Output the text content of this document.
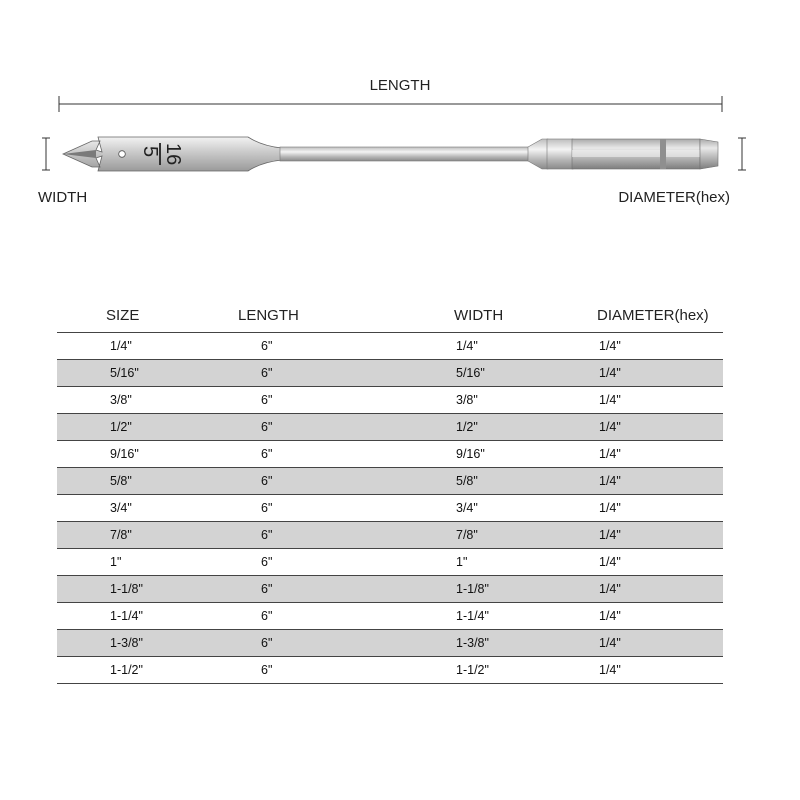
LENGTH
WIDTH	DIAMETER(hex)
5 16
SIZE	LENGTH	WIDTH	DIAMETER(hex)
1/4"	6"	1/4"	1/4"
5/16"	6"	5/16"	1/4"
3/8"	6"	3/8"	1/4"
1/2"	6"	1/2"	1/4"
9/16"	6"	9/16"	1/4"
5/8"	6"	5/8"	1/4"
3/4"	6"	3/4"	1/4"
7/8"	6"	7/8"	1/4"
1"	6"	1"	1/4"
1-1/8"	6"	1-1/8"	1/4"
1-1/4"	6"	1-1/4"	1/4"
1-3/8"	6"	1-3/8"	1/4"
1-1/2"	6"	1-1/2"	1/4"
